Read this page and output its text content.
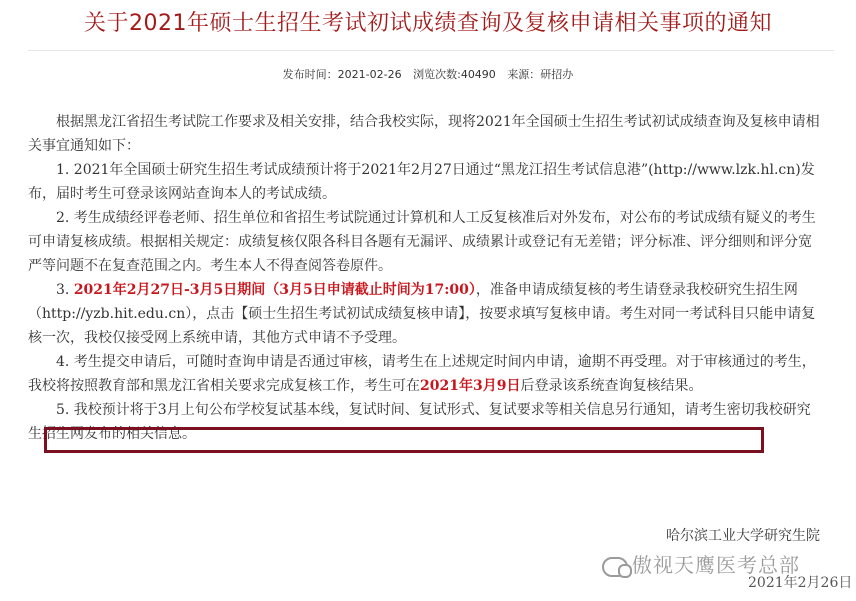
关于2021年硕士生招生考试初试成绩查询及复核申请相关事项的通知
发布时间：2021-02-26 浏览次数:40490 来源：研招办

根据黑龙江省招生考试院工作要求及相关安排，结合我校实际，现将2021年全国硕士生招生考试初试成绩查询及复核申请相关事宜通知如下：

1. 2021年全国硕士研究生招生考试成绩预计将于2021年2月27日通过“黑龙江招生考试信息港”(http://www.lzk.hl.cn)发布，届时考生可登录该网站查询本人的考试成绩。

2. 考生成绩经评卷老师、招生单位和省招生考试院通过计算机和人工反复核准后对外发布，对公布的考试成绩有疑义的考生可申请复核成绩。根据相关规定：成绩复核仅限各科目各题有无漏评、成绩累计或登记有无差错；评分标准、评分细则和评分宽严等问题不在复查范围之内。考生本人不得查阅答卷原件。

3. 2021年2月27日-3月5日期间（3月5日申请截止时间为17:00），准备申请成绩复核的考生请登录我校研究生招生网（http://yzb.hit.edu.cn），点击【硕士生招生考试初试成绩复核申请】，按要求填写复核申请。考生对同一考试科目只能申请复核一次，我校仅接受网上系统申请，其他方式申请不予受理。

4. 考生提交申请后，可随时查询申请是否通过审核，请考生在上述规定时间内申请，逾期不再受理。对于审核通过的考生，我校将按照教育部和黑龙江省相关要求完成复核工作，考生可在2021年3月9日后登录该系统查询复核结果。

5. 我校预计将于3月上旬公布学校复试基本线，复试时间、复试形式、复试要求等相关信息另行通知，请考生密切我校研究生招生网发布的相关信息。

哈尔滨工业大学研究生院
傲视天鹰医考总部
2021年2月26日
